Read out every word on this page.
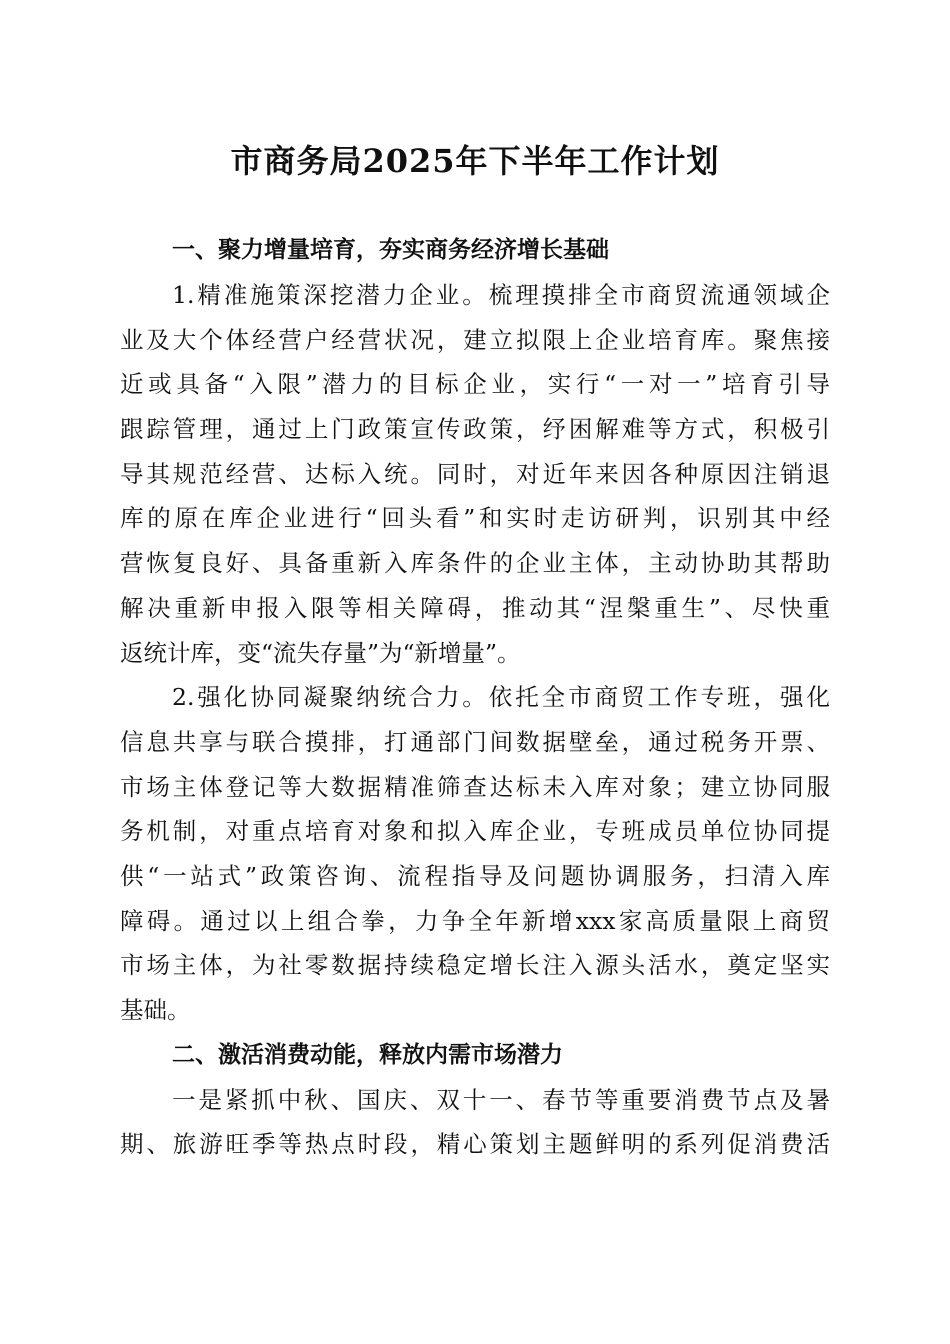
市商务局2025年下半年工作计划
一、聚力增量培育，夯实商务经济增长基础
1.精准施策深挖潜力企业。梳理摸排全市商贸流通领域企
业及大个体经营户经营状况，建立拟限上企业培育库。聚焦接
近或具备“入限”潜力的目标企业，实行“一对一”培育引导
跟踪管理，通过上门政策宣传政策，纾困解难等方式，积极引
导其规范经营、达标入统。同时，对近年来因各种原因注销退
库的原在库企业进行“回头看”和实时走访研判，识别其中经
营恢复良好、具备重新入库条件的企业主体，主动协助其帮助
解决重新申报入限等相关障碍，推动其“涅槃重生”、尽快重
返统计库，变“流失存量”为“新增量”。
2.强化协同凝聚纳统合力。依托全市商贸工作专班，强化
信息共享与联合摸排，打通部门间数据壁垒，通过税务开票、
市场主体登记等大数据精准筛查达标未入库对象；建立协同服
务机制，对重点培育对象和拟入库企业，专班成员单位协同提
供“一站式”政策咨询、流程指导及问题协调服务，扫清入库
障碍。通过以上组合拳，力争全年新增xxx家高质量限上商贸
市场主体，为社零数据持续稳定增长注入源头活水，奠定坚实
基础。
二、激活消费动能，释放内需市场潜力
一是紧抓中秋、国庆、双十一、春节等重要消费节点及暑
期、旅游旺季等热点时段，精心策划主题鲜明的系列促消费活
